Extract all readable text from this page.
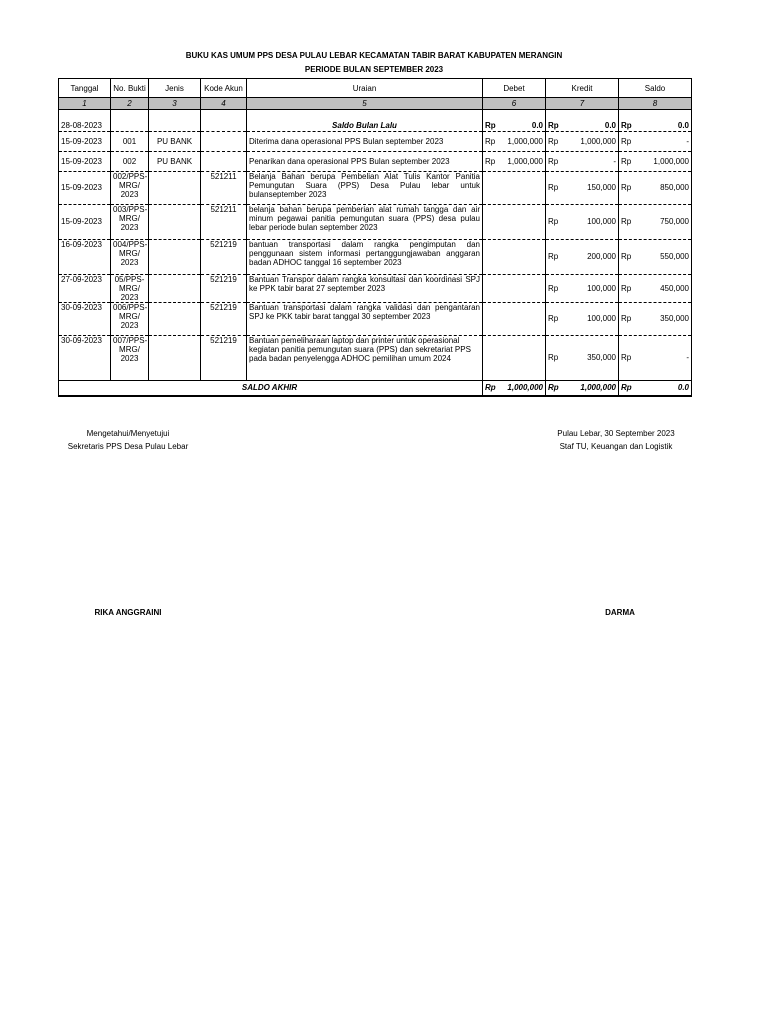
BUKU KAS UMUM PPS DESA PULAU LEBAR KECAMATAN TABIR BARAT KABUPATEN MERANGIN
PERIODE BULAN SEPTEMBER 2023
Tanggal	No. Bukti	Jenis	Kode Akun	Uraian	Debet	Kredit	Saldo
1	2	3	4	5	6	7	8

28-08-2023				Saldo Bulan Lalu	Rp 0.0	Rp 0.0	Rp 0.0

15-09-2023	001	PU BANK		Diterima dana operasional PPS Bulan september 2023	Rp 1,000,000	Rp 1,000,000	Rp -

15-09-2023	002	PU BANK		Penarikan dana operasional PPS Bulan september 2023	Rp 1,000,000	Rp -	Rp 1,000,000

15-09-2023	002/PPS-MRG/ 2023		521211	Belanja Bahan berupa Pembelian Alat Tulis Kantor Panitia Pemungutan Suara (PPS) Desa Pulau lebar untuk bulanseptember 2023		Rp 150,000	Rp 850,000

15-09-2023	003/PPS-MRG/ 2023		521211	belanja bahan berupa pemberian alat rumah tangga dan air minum pegawai panitia pemungutan suara (PPS) desa pulau lebar periode bulan september 2023		Rp 100,000	Rp 750,000

16-09-2023	004/PPS-MRG/ 2023		521219	bantuan transportasi dalam rangka pengimputan dan penggunaan sistem informasi pertanggungjawaban anggaran badan ADHOC tanggal 16 september 2023		Rp 200,000	Rp 550,000

27-09-2023	05/PPS-MRG/ 2023		521219	Bantuan Transpor dalam rangka konsultasi dan koordinasi SPJ ke PPK tabir barat 27 september 2023		Rp 100,000	Rp 450,000

30-09-2023	006/PPS-MRG/ 2023		521219	Bantuan transportasi dalam rangka validasi dan pengantaran SPJ ke PKK tabir barat tanggal 30 september 2023		Rp 100,000	Rp 350,000

30-09-2023	007/PPS-MRG/ 2023		521219	Bantuan pemeliharaan laptop dan printer untuk operasional kegiatan panitia pemungutan suara (PPS) dan sekretariat PPS pada badan penyelengga ADHOC pemilihan umum 2024		Rp 350,000	Rp -

SALDO AKHIR					Rp 1,000,000	Rp 1,000,000	Rp 0.0
Mengetahui/Menyetujui
Sekretaris PPS Desa Pulau Lebar
Pulau Lebar, 30 September 2023
Staf TU, Keuangan dan Logistik
RIKA ANGGRAINI	DARMA
